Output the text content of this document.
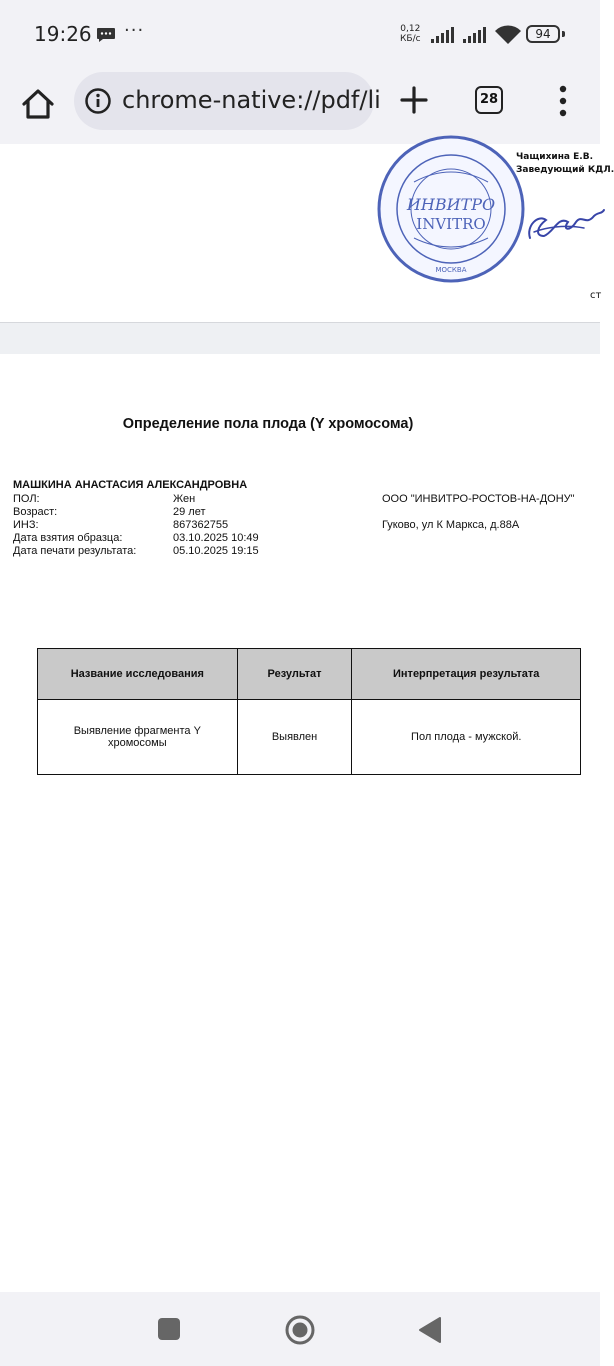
19:26 ···	0,12
КБ/с	94
chrome-native://pdf/li	28
ИНВИТРО
INVITRO
МОСКВА
Чащихина Е.В.
Заведующий КДЛ.
ст
Определение пола плода (Y хромосома)
МАШКИНА АНАСТАСИЯ АЛЕКСАНДРОВНА
ПОЛ:	Жен
Возраст:	29 лет
ИНЗ:	867362755
Дата взятия образца:	03.10.2025 10:49
Дата печати результата:	05.10.2025 19:15
ООО "ИНВИТРО-РОСТОВ-НА-ДОНУ"
Гуково, ул К Маркса, д.88А
Название исследования	Результат	Интерпретация результата
Выявление фрагмента Y хромосомы	Выявлен	Пол плода - мужской.
